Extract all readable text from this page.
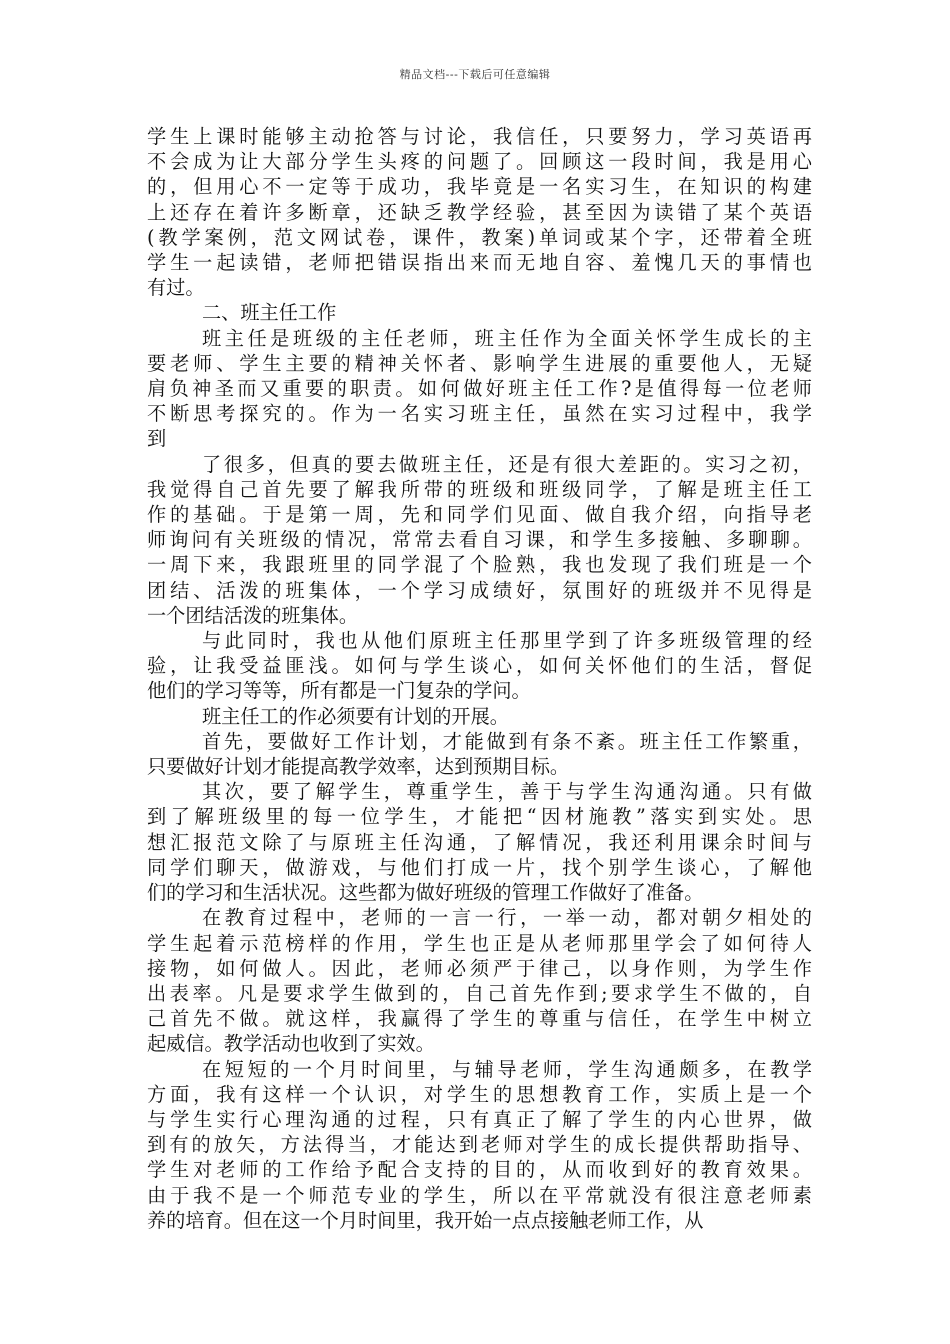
精品文档---下载后可任意编辑

学生上课时能够主动抢答与讨论，我信任，只要努力，学习英语再
不会成为让大部分学生头疼的问题了。回顾这一段时间，我是用心
的，但用心不一定等于成功，我毕竟是一名实习生，在知识的构建
上还存在着许多断章，还缺乏教学经验，甚至因为读错了某个英语
(教学案例，范文网试卷，课件，教案)单词或某个字，还带着全班
学生一起读错，老师把错误指出来而无地自容、羞愧几天的事情也
有过。

二、班主任工作

班主任是班级的主任老师，班主任作为全面关怀学生成长的主
要老师、学生主要的精神关怀者、影响学生进展的重要他人，无疑
肩负神圣而又重要的职责。如何做好班主任工作?是值得每一位老师
不断思考探究的。作为一名实习班主任，虽然在实习过程中，我学
到

了很多，但真的要去做班主任，还是有很大差距的。实习之初，
我觉得自己首先要了解我所带的班级和班级同学，了解是班主任工
作的基础。于是第一周，先和同学们见面、做自我介绍，向指导老
师询问有关班级的情况，常常去看自习课，和学生多接触、多聊聊。
一周下来，我跟班里的同学混了个脸熟，我也发现了我们班是一个
团结、活泼的班集体，一个学习成绩好，氛围好的班级并不见得是
一个团结活泼的班集体。

与此同时，我也从他们原班主任那里学到了许多班级管理的经
验，让我受益匪浅。如何与学生谈心，如何关怀他们的生活，督促
他们的学习等等，所有都是一门复杂的学问。

班主任工的作必须要有计划的开展。

首先，要做好工作计划，才能做到有条不紊。班主任工作繁重，
只要做好计划才能提高教学效率，达到预期目标。

其次，要了解学生，尊重学生，善于与学生沟通沟通。只有做
到了解班级里的每一位学生，才能把“因材施教”落实到实处。思
想汇报范文除了与原班主任沟通，了解情况，我还利用课余时间与
同学们聊天，做游戏，与他们打成一片，找个别学生谈心，了解他
们的学习和生活状况。这些都为做好班级的管理工作做好了准备。

在教育过程中，老师的一言一行，一举一动，都对朝夕相处的
学生起着示范榜样的作用，学生也正是从老师那里学会了如何待人
接物，如何做人。因此，老师必须严于律己，以身作则，为学生作
出表率。凡是要求学生做到的，自己首先作到;要求学生不做的，自
己首先不做。就这样，我赢得了学生的尊重与信任，在学生中树立
起威信。教学活动也收到了实效。

在短短的一个月时间里，与辅导老师，学生沟通颇多，在教学
方面，我有这样一个认识，对学生的思想教育工作，实质上是一个
与学生实行心理沟通的过程，只有真正了解了学生的内心世界，做
到有的放矢，方法得当，才能达到老师对学生的成长提供帮助指导、
学生对老师的工作给予配合支持的目的，从而收到好的教育效果。
由于我不是一个师范专业的学生，所以在平常就没有很注意老师素
养的培育。但在这一个月时间里，我开始一点点接触老师工作，从
